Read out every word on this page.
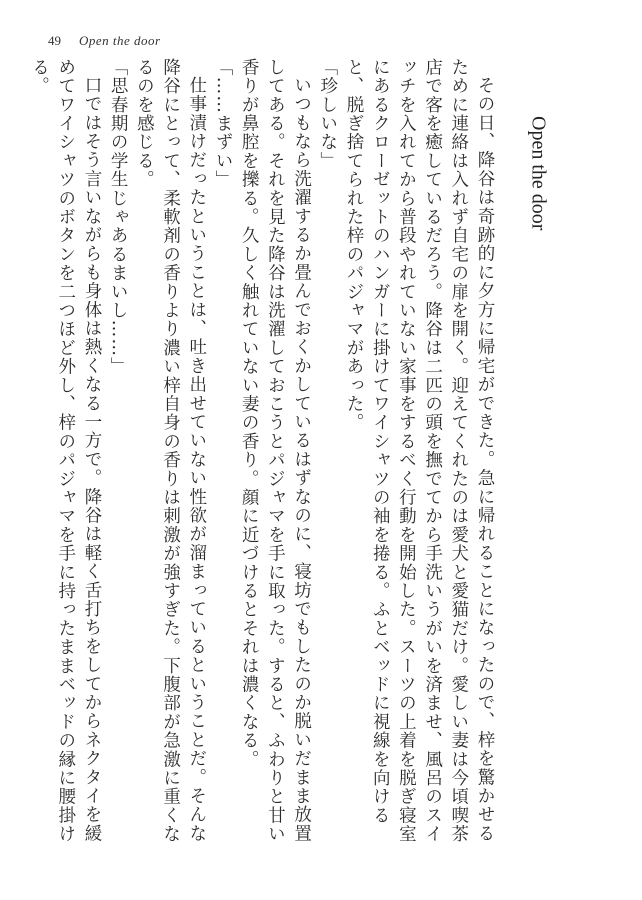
49 Open the door
Open the door

その日、降谷は奇跡的に夕方に帰宅ができた。急に帰れることになったので、梓を驚かせるために連絡は入れず自宅の扉を開く。迎えてくれたのは愛犬と愛猫だけ。愛しい妻は今頃喫茶店で客を癒しているだろう。降谷は二匹の頭を撫でてから手洗いうがいを済ませ、風呂のスイッチを入れてから普段やれていない家事をするべく行動を開始した。スーツの上着を脱ぎ寝室にあるクローゼットのハンガーに掛けてワイシャツの袖を捲る。ふとベッドに視線を向けると、脱ぎ捨てられた梓のパジャマがあった。

「珍しいな」

いつもなら洗濯するか畳んでおくかしているはずなのに、寝坊でもしたのか脱いだまま放置してある。それを見た降谷は洗濯しておこうとパジャマを手に取った。すると、ふわりと甘い香りが鼻腔を擽る。久しく触れていない妻の香り。顔に近づけるとそれは濃くなる。

「……まずい」

仕事漬けだったということは、吐き出せていない性欲が溜まっているということだ。そんな降谷にとって、柔軟剤の香りより濃い梓自身の香りは刺激が強すぎた。下腹部が急激に重くなるのを感じる。

「思春期の学生じゃあるまいし……」

口ではそう言いながらも身体は熱くなる一方で。降谷は軽く舌打ちをしてからネクタイを緩めてワイシャツのボタンを二つほど外し、梓のパジャマを手に持ったままベッドの縁に腰掛ける。
